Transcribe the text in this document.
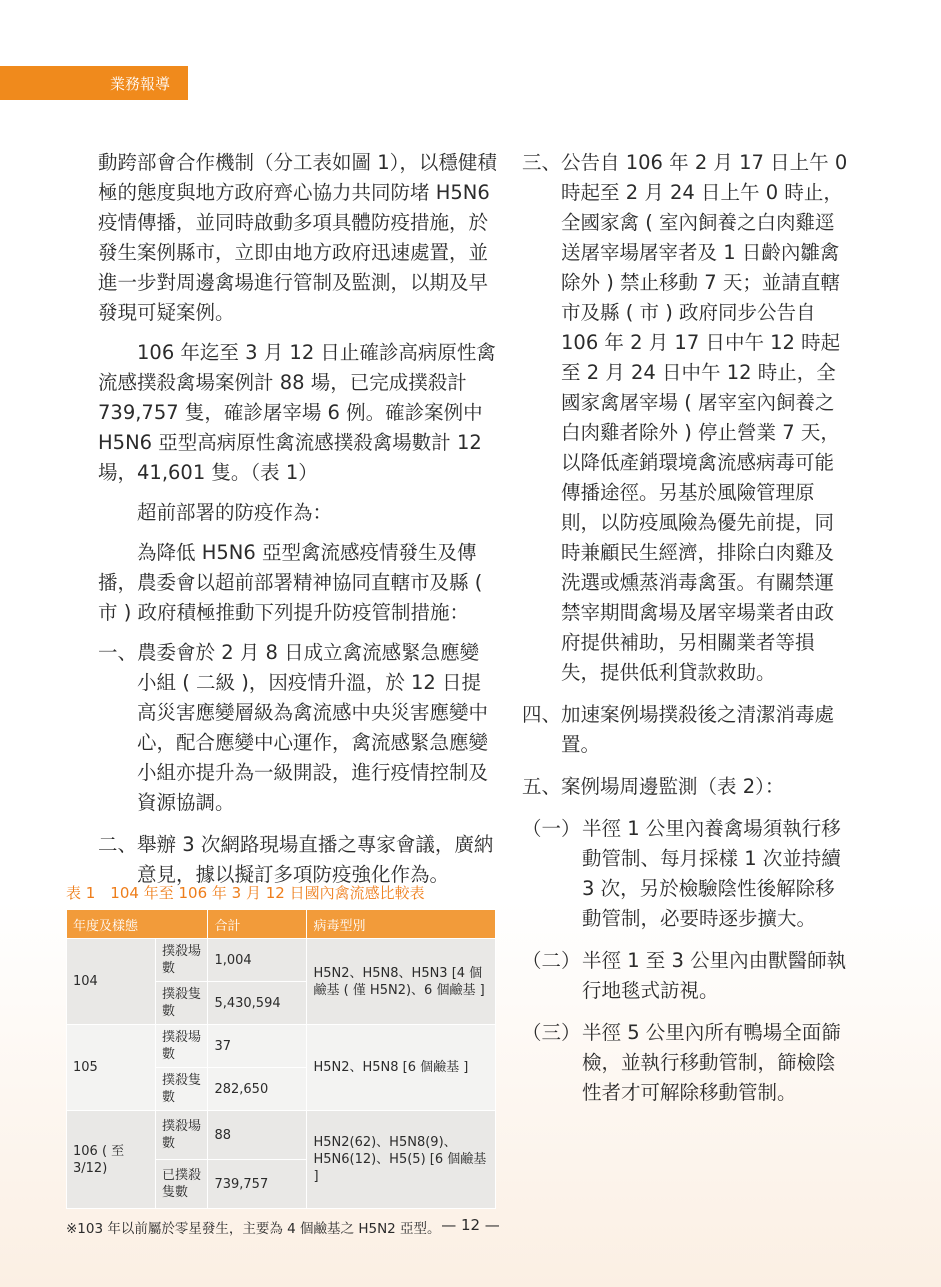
業務報導

動跨部會合作機制（分工表如圖 1），以穩健積極的態度與地方政府齊心協力共同防堵 H5N6 疫情傳播，並同時啟動多項具體防疫措施，於發生案例縣市，立即由地方政府迅速處置，並進一步對周邊禽場進行管制及監測，以期及早發現可疑案例。

106 年迄至 3 月 12 日止確診高病原性禽流感撲殺禽場案例計 88 場，已完成撲殺計 739,757 隻，確診屠宰場 6 例。確診案例中 H5N6 亞型高病原性禽流感撲殺禽場數計 12 場，41,601 隻。（表 1）

超前部署的防疫作為：

為降低 H5N6 亞型禽流感疫情發生及傳播，農委會以超前部署精神協同直轄市及縣 ( 市 ) 政府積極推動下列提升防疫管制措施：

一、 農委會於 2 月 8 日成立禽流感緊急應變小組 ( 二級 )，因疫情升溫，於 12 日提高災害應變層級為禽流感中央災害應變中心，配合應變中心運作，禽流感緊急應變小組亦提升為一級開設，進行疫情控制及資源協調。
二、 舉辦 3 次網路現場直播之專家會議，廣納意見，據以擬訂多項防疫強化作為。
三、 公告自 106 年 2 月 17 日上午 0 時起至 2 月 24 日上午 0 時止，全國家禽 ( 室內飼養之白肉雞逕送屠宰場屠宰者及 1 日齡內雛禽除外 ) 禁止移動 7 天；並請直轄市及縣 ( 市 ) 政府同步公告自 106 年 2 月 17 日中午 12 時起至 2 月 24 日中午 12 時止，全國家禽屠宰場 ( 屠宰室內飼養之白肉雞者除外 ) 停止營業 7 天，以降低產銷環境禽流感病毒可能傳播途徑。另基於風險管理原則，以防疫風險為優先前提，同時兼顧民生經濟，排除白肉雞及洗選或燻蒸消毒禽蛋。有關禁運禁宰期間禽場及屠宰場業者由政府提供補助，另相關業者等損失，提供低利貸款救助。
四、 加速案例場撲殺後之清潔消毒處置。
五、 案例場周邊監測（表 2）：
（一） 半徑 1 公里內養禽場須執行移動管制、每月採樣 1 次並持續 3 次，另於檢驗陰性後解除移動管制，必要時逐步擴大。
（二） 半徑 1 至 3 公里內由獸醫師執行地毯式訪視。
（三） 半徑 5 公里內所有鴨場全面篩檢，並執行移動管制，篩檢陰性者才可解除移動管制。
表 1　104 年至 106 年 3 月 12 日國內禽流感比較表
年度及樣態		合計	病毒型別
104	撲殺場數	1,004	H5N2、H5N8、H5N3 [4 個鹼基 ( 僅 H5N2)、6 個鹼基 ]
	撲殺隻數	5,430,594	
105	撲殺場數	37	H5N2、H5N8 [6 個鹼基 ]
	撲殺隻數	282,650	
106 ( 至 3/12)	撲殺場數	88	H5N2(62)、H5N8(9)、H5N6(12)、H5(5) [6 個鹼基 ]
	已撲殺隻數	739,757	
※103 年以前屬於零星發生，主要為 4 個鹼基之 H5N2 亞型。 — 12 —
